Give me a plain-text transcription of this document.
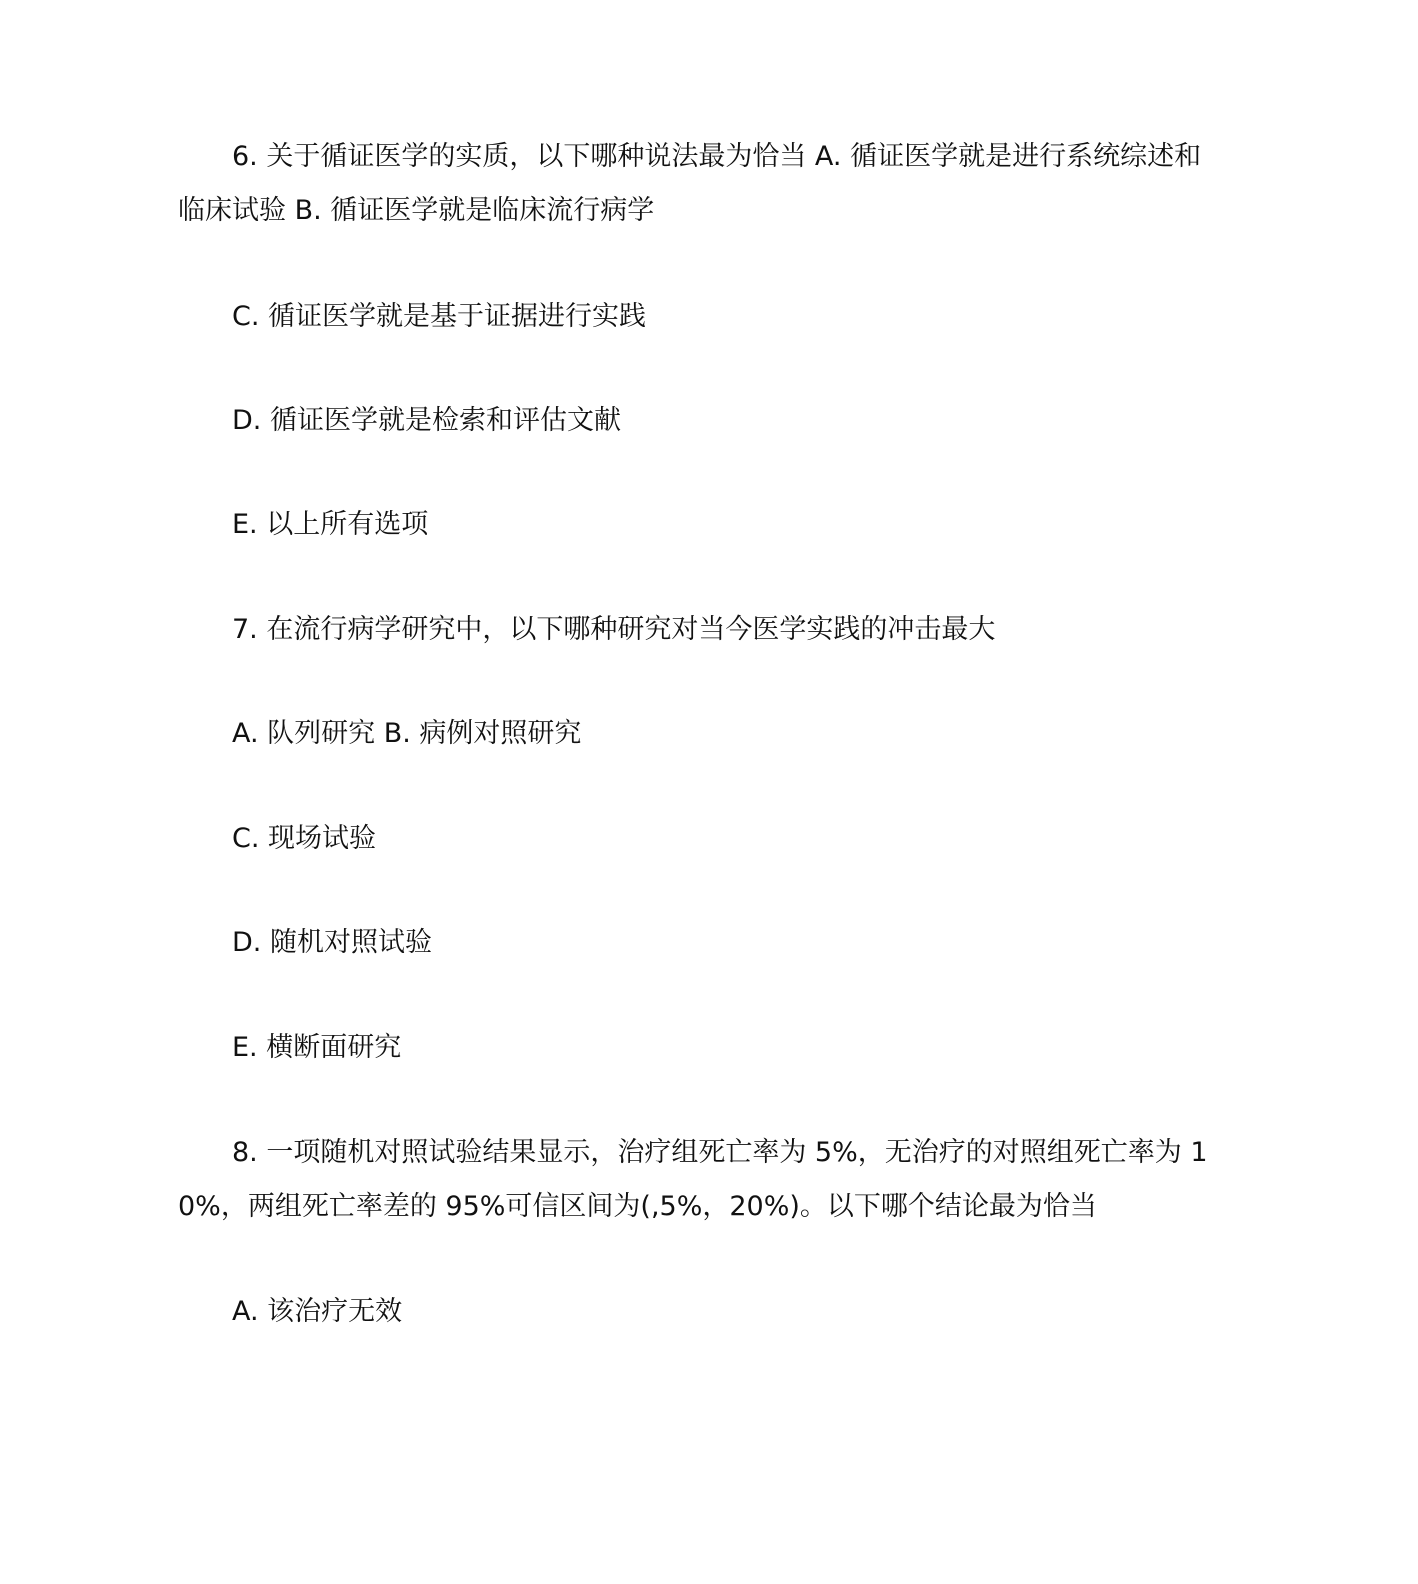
6. 关于循证医学的实质，以下哪种说法最为恰当 A. 循证医学就是进行系统综述和临床试验 B. 循证医学就是临床流行病学

C. 循证医学就是基于证据进行实践

D. 循证医学就是检索和评估文献

E. 以上所有选项

7. 在流行病学研究中，以下哪种研究对当今医学实践的冲击最大

A. 队列研究 B. 病例对照研究

C. 现场试验

D. 随机对照试验

E. 横断面研究

8. 一项随机对照试验结果显示，治疗组死亡率为 5%，无治疗的对照组死亡率为 10%，两组死亡率差的 95%可信区间为(,5%，20%)。以下哪个结论最为恰当

A. 该治疗无效
